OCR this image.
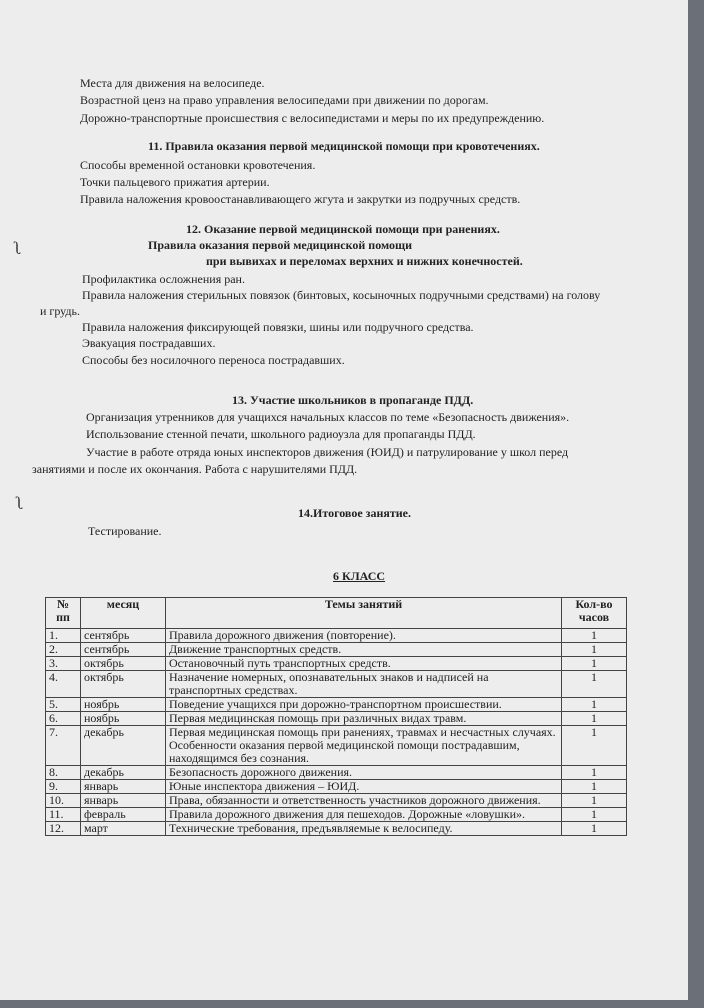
Места для движения на велосипеде.
Возрастной ценз на право управления велосипедами при движении по дорогам.
Дорожно-транспортные происшествия с велосипедистами и меры по их предупреждению.
11. Правила оказания первой медицинской помощи при кровотечениях.
Способы временной остановки кровотечения.
Точки пальцевого прижатия артерии.
Правила наложения кровоостанавливающего жгута и закрутки из подручных средств.
12. Оказание первой медицинской помощи при ранениях.
Правила оказания первой медицинской помощи
при вывихах и переломах верхних и нижних конечностей.
ʅ
Профилактика осложнения ран.
Правила наложения стерильных повязок (бинтовых, косыночных подручными средствами) на голову
и грудь.
Правила наложения фиксирующей повязки, шины или подручного средства.
Эвакуация пострадавших.
Способы без носилочного переноса пострадавших.
13. Участие школьников в пропаганде ПДД.
Организация утренников для учащихся начальных классов по теме «Безопасность движения».
Использование стенной печати, школьного радиоузла для пропаганды ПДД.
Участие в работе отряда юных инспекторов движения (ЮИД) и патрулирование у школ перед
занятиями и после их окончания. Работа с нарушителями ПДД.
ʅ	14.Итоговое занятие.
Тестирование.
6 КЛАСС
№ пп	месяц	Темы занятий	Кол-во часов
1.	сентябрь	Правила дорожного движения (повторение).	1
2.	сентябрь	Движение транспортных средств.	1
3.	октябрь	Остановочный путь транспортных средств.	1
4.	октябрь	Назначение номерных, опознавательных знаков и надписей на транспортных средствах.	1
5.	ноябрь	Поведение учащихся при дорожно-транспортном происшествии.	1
6.	ноябрь	Первая медицинская помощь при различных видах травм.	1
7.	декабрь	Первая медицинская помощь при ранениях, травмах и несчастных случаях. Особенности оказания первой медицинской помощи пострадавшим, находящимся без сознания.	1
8.	декабрь	Безопасность дорожного движения.	1
9.	январь	Юные инспектора движения – ЮИД.	1
10.	январь	Права, обязанности и ответственность участников дорожного движения.	1
11.	февраль	Правила дорожного движения для пешеходов. Дорожные «ловушки».	1
12.	март	Технические требования, предъявляемые к велосипеду.	1
